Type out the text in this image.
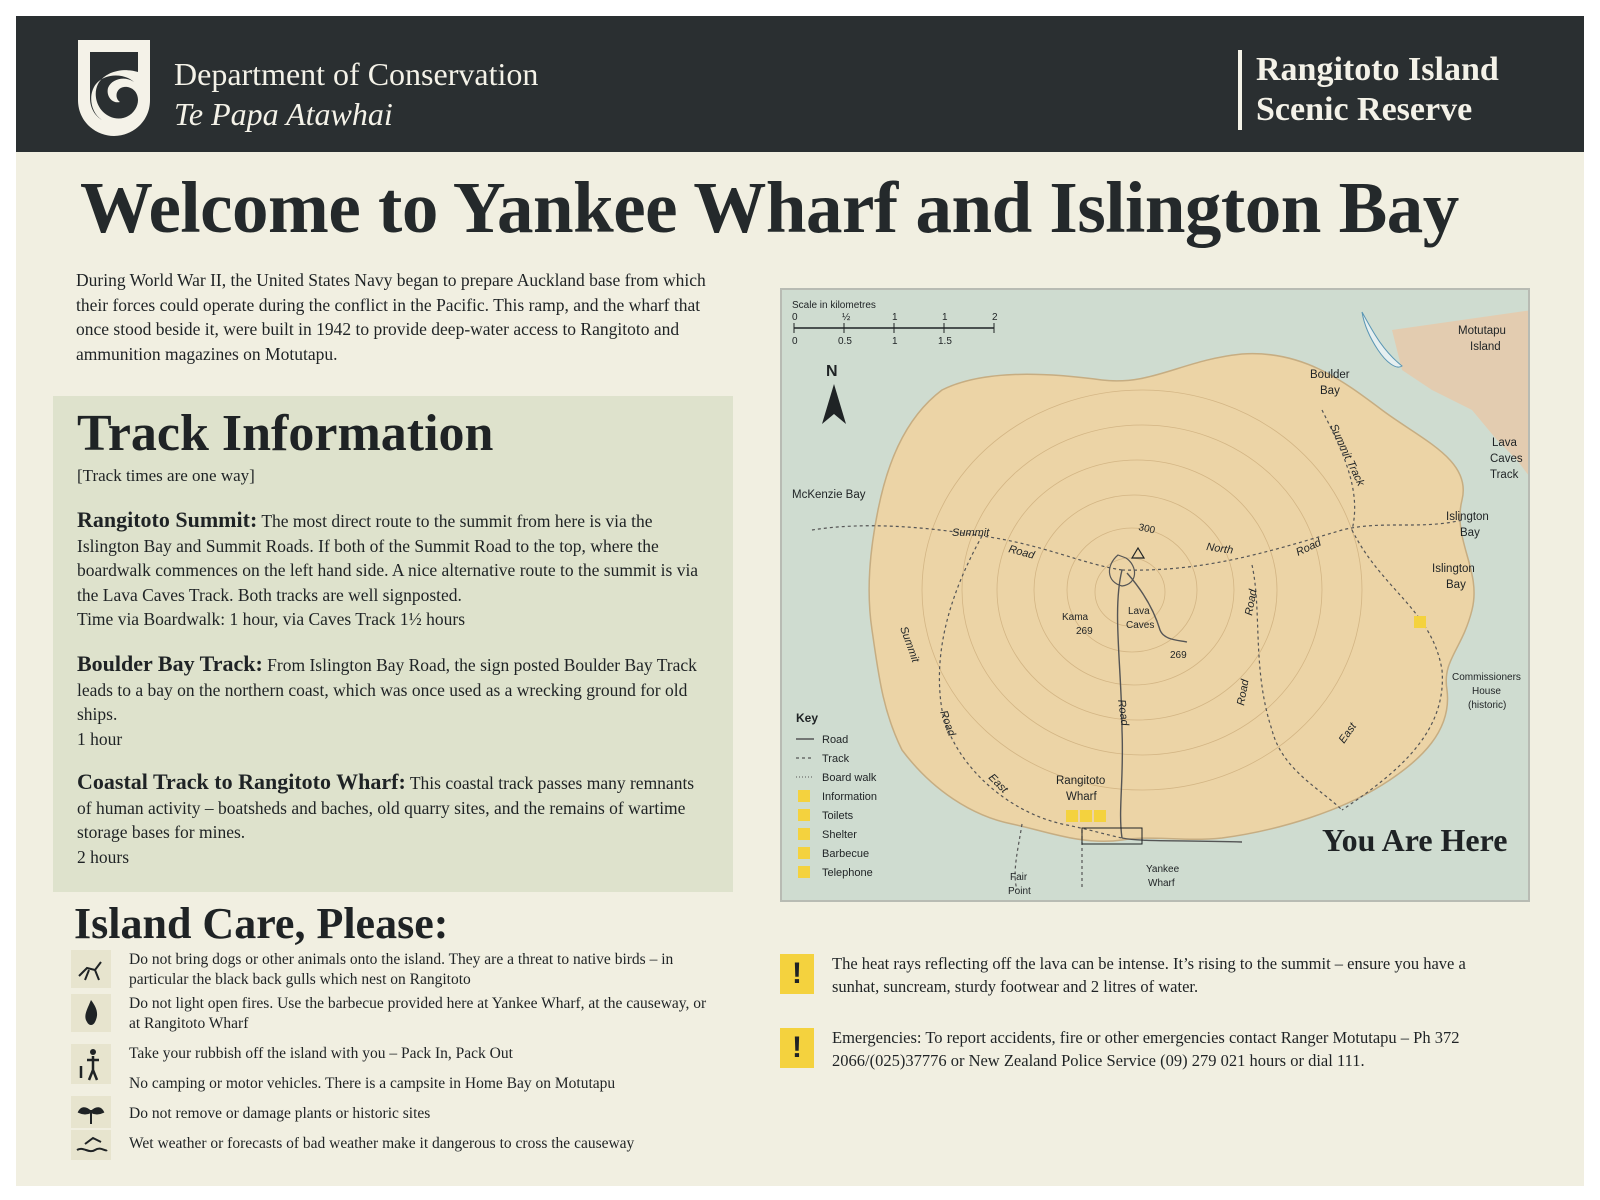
Department of Conservation
Te Papa Atawhai
Rangitoto Island
Scenic Reserve
Welcome to Yankee Wharf and Islington Bay
During World War II, the United States Navy began to prepare Auckland base from which their forces could operate during the conflict in the Pacific. This ramp, and the wharf that once stood beside it, were built in 1942 to provide deep-water access to Rangitoto and ammunition magazines on Motutapu.
Track Information
[Track times are one way]
Rangitoto Summit: The most direct route to the summit from here is via the Islington Bay and Summit Roads. If both of the Summit Road to the top, where the boardwalk commences on the left hand side. A nice alternative route to the summit is via the Lava Caves Track. Both tracks are well signposted.
Time via Boardwalk: 1 hour, via Caves Track 1½ hours
Boulder Bay Track: From Islington Bay Road, the sign posted Boulder Bay Track leads to a bay on the northern coast, which was once used as a wrecking ground for old ships.
1 hour
Coastal Track to Rangitoto Wharf: This coastal track passes many remnants of human activity – boatsheds and baches, old quarry sites, and the remains of wartime storage bases for mines.
2 hours
Scale in kilometres
0	½	1	1	2
0	0.5	1	1.5
N
Motutapu
Island
Boulder
Bay
Lava
Caves
Track
McKenzie Bay
Islington
Bay
Islington
Bay
Commissioners
House
(historic)
Rangitoto
Wharf
Yankee
Wharf
Fair
Point
Lava
Caves
Kama
269
269
300
Summit
Road	North	Road
Summit Track
Summit
Road
East
Road
Road
East
Road
Key
Road
Track
Board walk
Information
Toilets
Shelter
Barbecue
Telephone
You Are Here
Island Care, Please:
Do not bring dogs or other animals onto the island. They are a threat to native birds – in particular the black back gulls which nest on Rangitoto
Do not light open fires. Use the barbecue provided here at Yankee Wharf, at the causeway, or at Rangitoto Wharf
Take your rubbish off the island with you – Pack In, Pack Out
No camping or motor vehicles. There is a campsite in Home Bay on Motutapu
Do not remove or damage plants or historic sites
Wet weather or forecasts of bad weather make it dangerous to cross the causeway
!	The heat rays reflecting off the lava can be intense. It’s rising to the summit – ensure you have a sunhat, suncream, sturdy footwear and 2 litres of water.
!	Emergencies: To report accidents, fire or other emergencies contact Ranger Motutapu – Ph 372 2066/(025)37776 or New Zealand Police Service (09) 279 021 hours or dial 111.
